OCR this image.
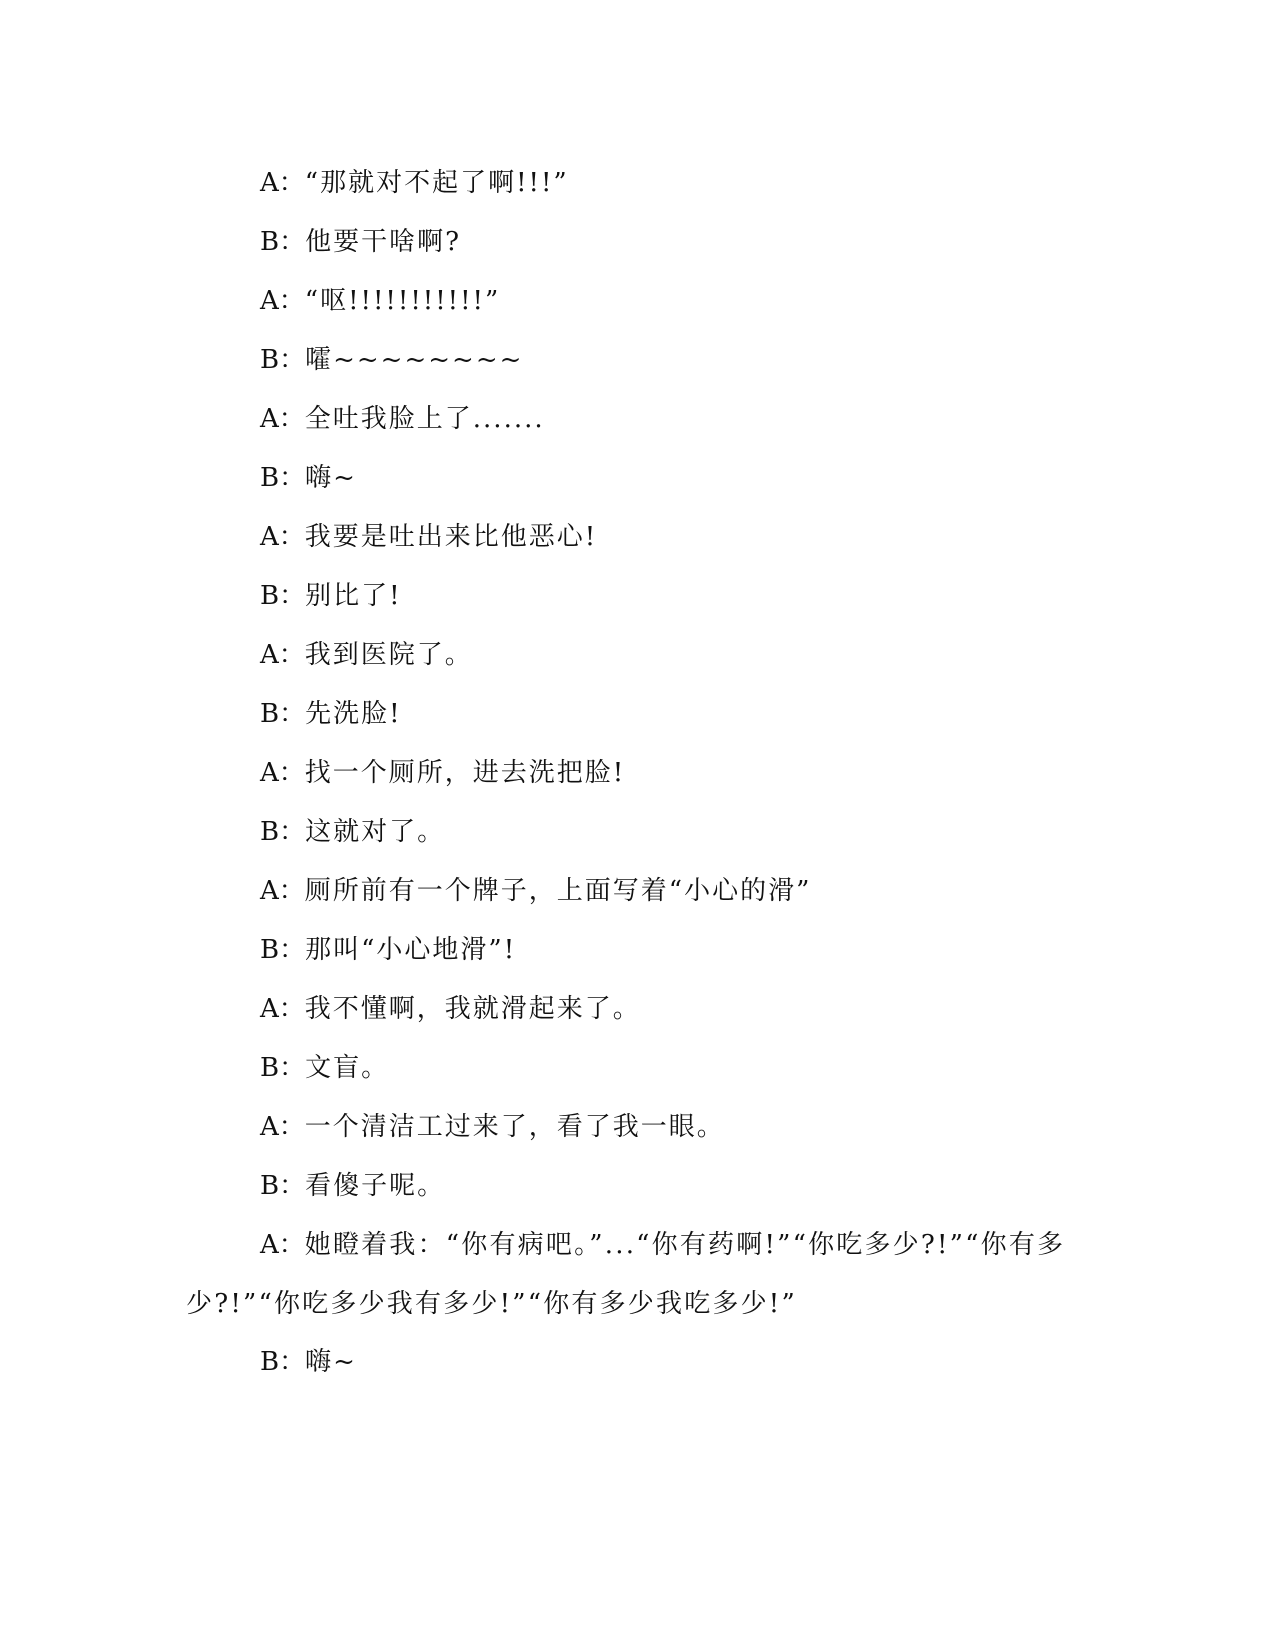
A：“那就对不起了啊!!!”

B：他要干啥啊?

A：“呕!!!!!!!!!!!”

B：嚯~~~~~~~~

A：全吐我脸上了.......

B：嗨~

A：我要是吐出来比他恶心!

B：别比了!

A：我到医院了。

B：先洗脸!

A：找一个厕所，进去洗把脸!

B：这就对了。

A：厕所前有一个牌子，上面写着“小心的滑”

B：那叫“小心地滑”!

A：我不懂啊，我就滑起来了。

B：文盲。

A：一个清洁工过来了，看了我一眼。

B：看傻子呢。

A：她瞪着我：“你有病吧。”...“你有药啊!”“你吃多少?!”“你有多少?!”“你吃多少我有多少!”“你有多少我吃多少!”

B：嗨~
